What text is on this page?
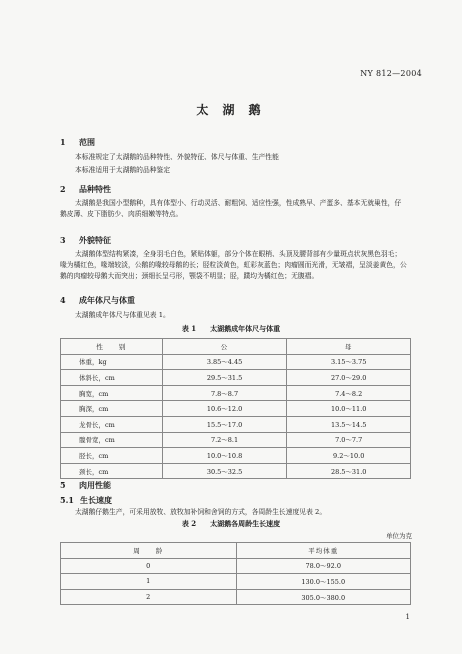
NY 812—2004
太 湖 鹅
1 范围
本标准规定了太湖鹅的品种特性、外貌特征、体尺与体重、生产性能
本标准适用于太湖鹅的品种鉴定
2 品种特性
太湖鹅是我国小型鹅种，具有体型小、行动灵活、耐粗饲、适应性强，性成熟早、产蛋多、基本无就巢性，仔鹅皮薄、皮下脂肪少、肉质细嫩等特点。
3 外貌特征
太湖鹅体型结构紧凑，全身羽毛白色，紧贴体躯，部分个体在眼梢、头顶及腰背部有少量斑点状灰黑色羽毛；喙为橘红色，喙端较淡，公鹅的喙较母鹅的长；胫粒淡黄色，虹彩灰蓝色；肉瘤圆而光滑，无皱褶，呈淡姜黄色，公鹅的肉瘤较母鹅大而突出；颈细长呈弓形，颚袋不明显；胫，蹼均为橘红色；无腹褶。
4 成年体尺与体重
太湖鹅成年体尺与体重见表 1。
表 1 太湖鹅成年体尺与体重
性　　别	公	母
体重，kg	3.85～4.45	3.15～3.75
体斜长，cm	29.5～31.5	27.0～29.0
胸宽，cm	7.8～8.7	7.4～8.2
胸深，cm	10.6～12.0	10.0～11.0
龙骨长，cm	15.5～17.0	13.5～14.5
髋骨宽，cm	7.2～8.1	7.0～7.7
胫长，cm	10.0～10.8	9.2～10.0
颈长，cm	30.5～32.5	28.5～31.0
5 肉用性能
5.1 生长速度
太湖鹅仔鹅生产，可采用放牧、放牧加补饲和舍饲的方式，各周龄生长速度见表 2。
表 2 太湖鹅各周龄生长速度
单位为克
周　　龄	平均体重
0	78.0～92.0
1	130.0～155.0
2	305.0～380.0
1
